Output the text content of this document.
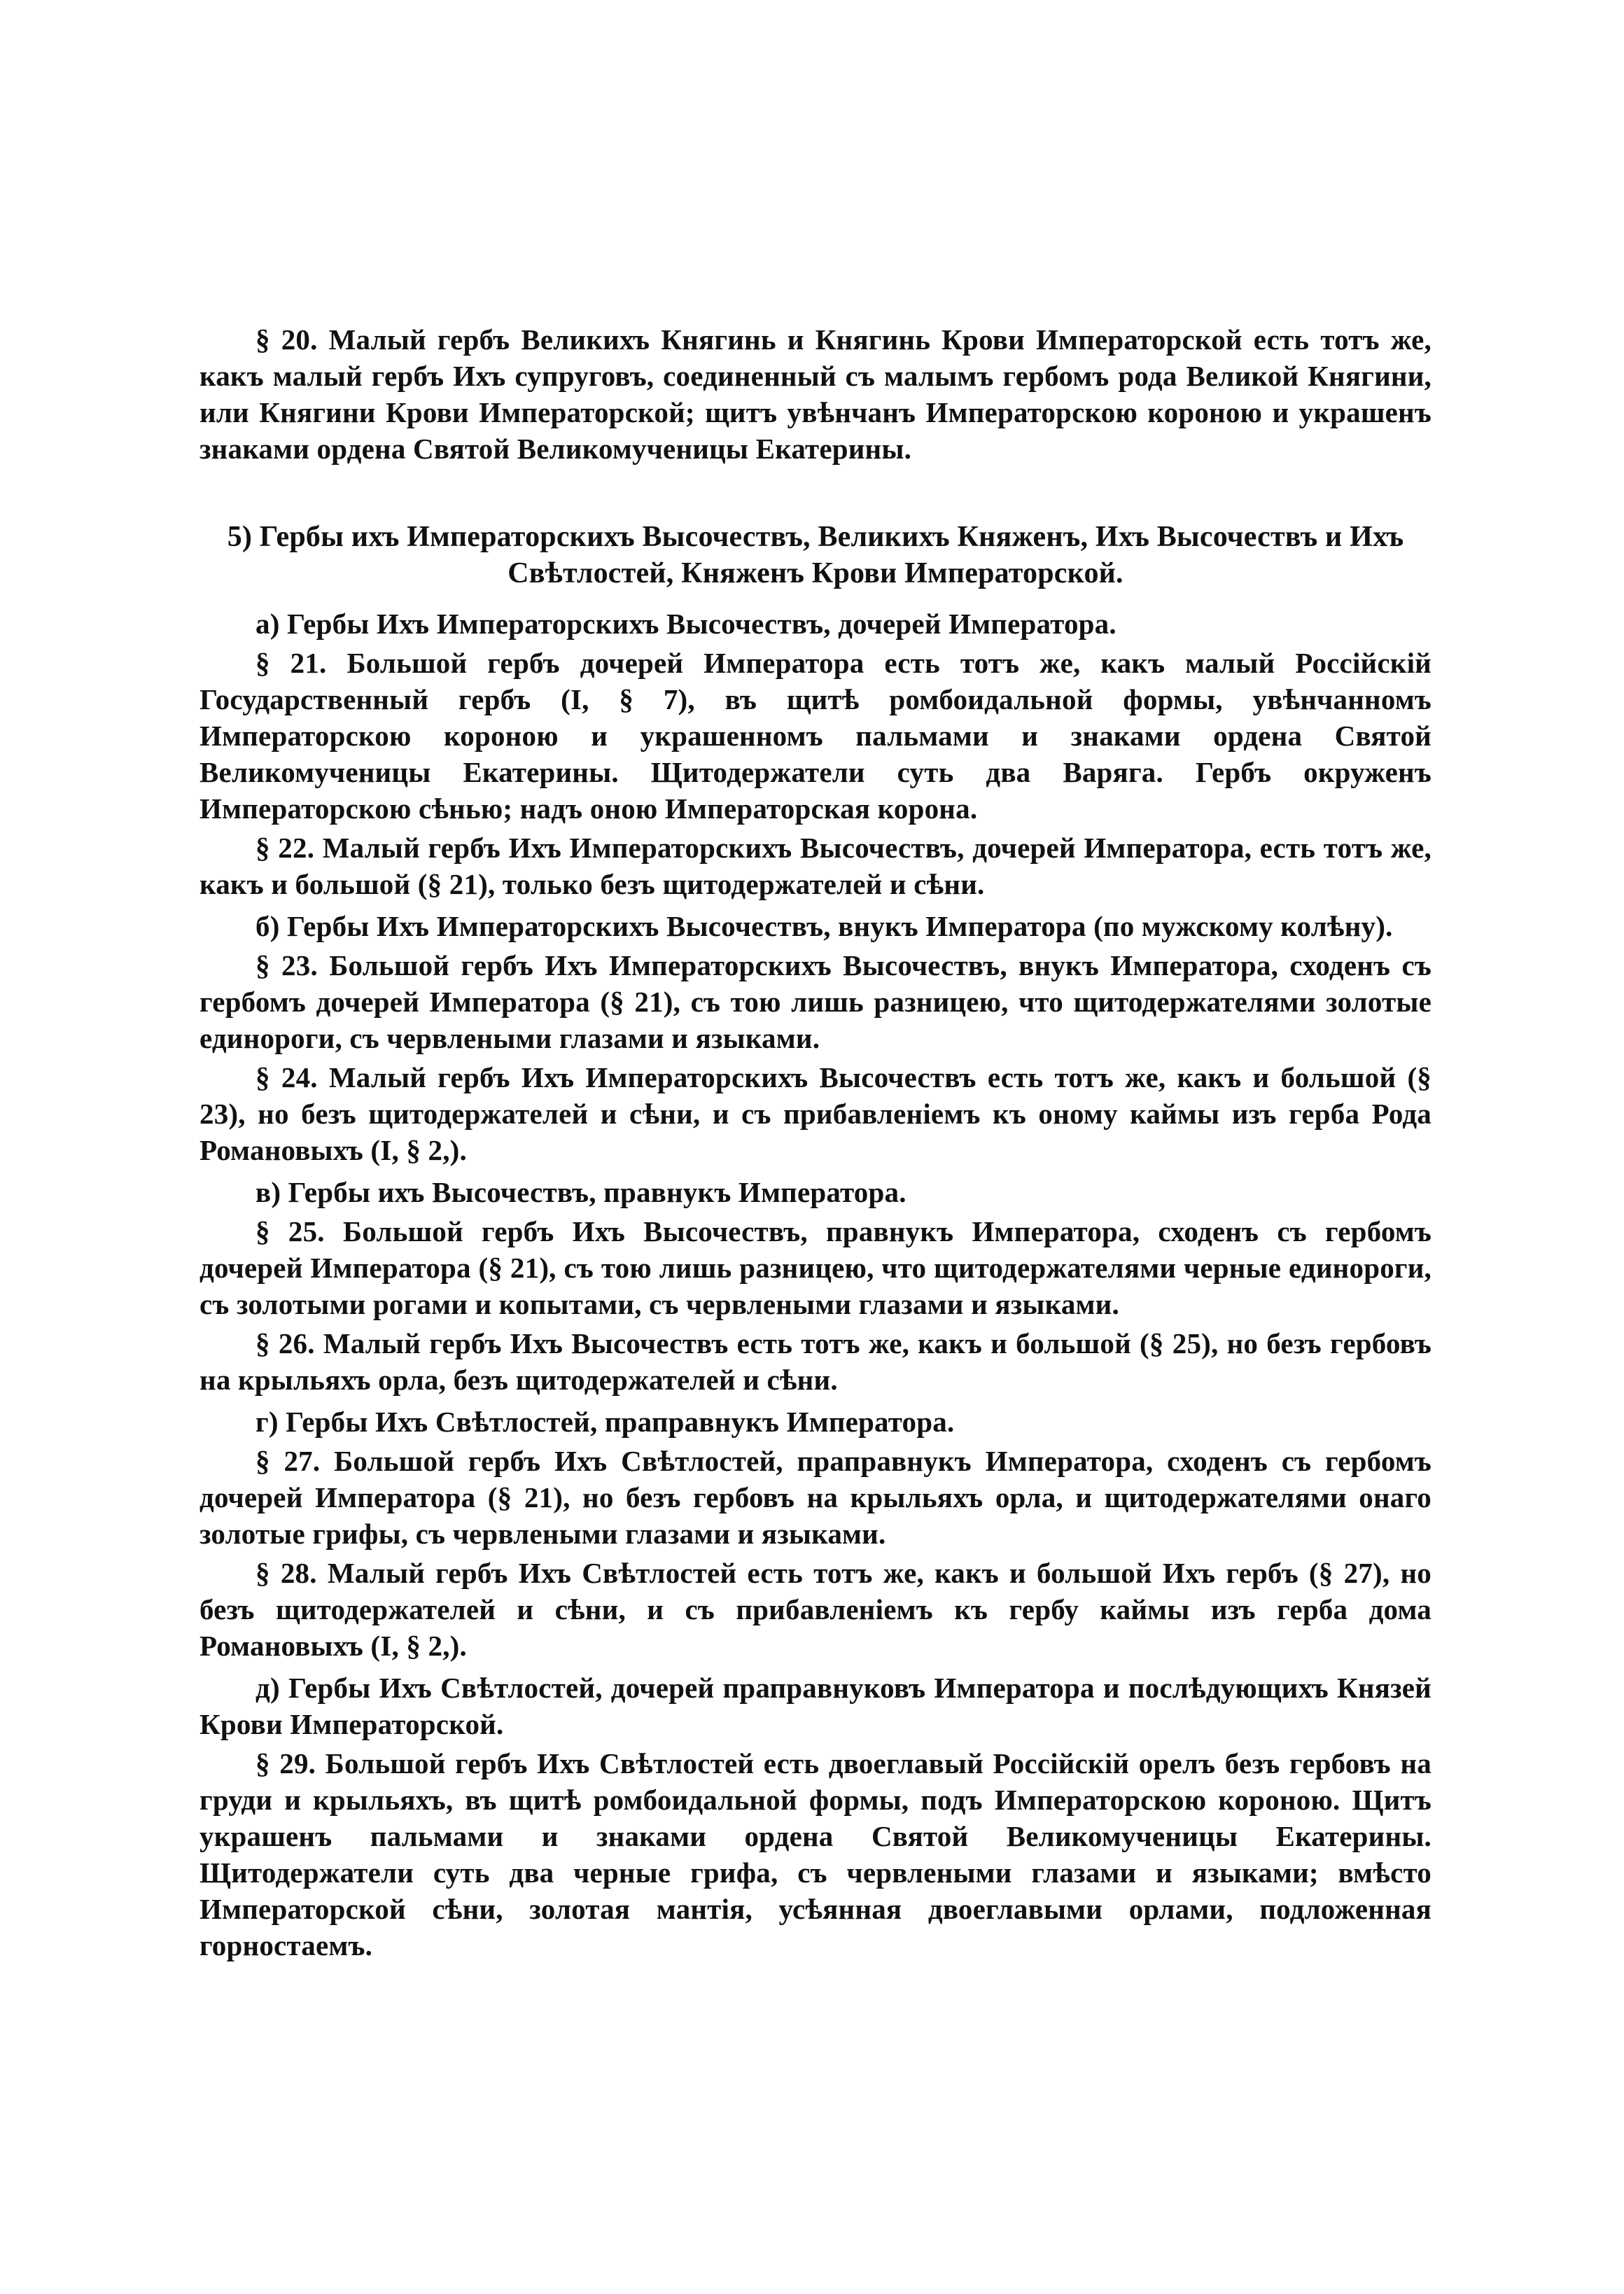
§ 20. Малый гербъ Великихъ Княгинь и Княгинь Крови Императорской есть тотъ же, какъ малый гербъ Ихъ супруговъ, соединенный съ малымъ гербомъ рода Великой Княгини, или Княгини Крови Императорской; щитъ увѣнчанъ Императорскою короною и украшенъ знаками ордена Святой Великомученицы Екатерины.

5) Гербы ихъ Императорскихъ Высочествъ, Великихъ Княженъ, Ихъ Высочествъ и Ихъ Свѣтлостей, Княженъ Крови Императорской.

а) Гербы Ихъ Императорскихъ Высочествъ, дочерей Императора.

§ 21. Большой гербъ дочерей Императора есть тотъ же, какъ малый Россійскій Государственный гербъ (I, § 7), въ щитѣ ромбоидальной формы, увѣнчанномъ Императорскою короною и украшенномъ пальмами и знаками ордена Святой Великомученицы Екатерины. Щитодержатели суть два Варяга. Гербъ окруженъ Императорскою сѣнью; надъ оною Императорская корона.

§ 22. Малый гербъ Ихъ Императорскихъ Высочествъ, дочерей Императора, есть тотъ же, какъ и большой (§ 21), только безъ щитодержателей и сѣни.

б) Гербы Ихъ Императорскихъ Высочествъ, внукъ Императора (по мужскому колѣну).

§ 23. Большой гербъ Ихъ Императорскихъ Высочествъ, внукъ Императора, сходенъ съ гербомъ дочерей Императора (§ 21), съ тою лишь разницею, что щитодержателями золотые единороги, съ червлеными глазами и языками.

§ 24. Малый гербъ Ихъ Императорскихъ Высочествъ есть тотъ же, какъ и большой (§ 23), но безъ щитодержателей и сѣни, и съ прибавленіемъ къ оному каймы изъ герба Рода Романовыхъ (I, § 2,).

в) Гербы ихъ Высочествъ, правнукъ Императора.

§ 25. Большой гербъ Ихъ Высочествъ, правнукъ Императора, сходенъ съ гербомъ дочерей Императора (§ 21), съ тою лишь разницею, что щитодержателями черные единороги, съ золотыми рогами и копытами, съ червлеными глазами и языками.

§ 26. Малый гербъ Ихъ Высочествъ есть тотъ же, какъ и большой (§ 25), но безъ гербовъ на крыльяхъ орла, безъ щитодержателей и сѣни.

г) Гербы Ихъ Свѣтлостей, праправнукъ Императора.

§ 27. Большой гербъ Ихъ Свѣтлостей, праправнукъ Императора, сходенъ съ гербомъ дочерей Императора (§ 21), но безъ гербовъ на крыльяхъ орла, и щитодержателями онаго золотые грифы, съ червлеными глазами и языками.

§ 28. Малый гербъ Ихъ Свѣтлостей есть тотъ же, какъ и большой Ихъ гербъ (§ 27), но безъ щитодержателей и сѣни, и съ прибавленіемъ къ гербу каймы изъ герба дома Романовыхъ (I, § 2,).

д) Гербы Ихъ Свѣтлостей, дочерей праправнуковъ Императора и послѣдующихъ Князей Крови Императорской.

§ 29. Большой гербъ Ихъ Свѣтлостей есть двоеглавый Россійскій орелъ безъ гербовъ на груди и крыльяхъ, въ щитѣ ромбоидальной формы, подъ Императорскою короною. Щитъ украшенъ пальмами и знаками ордена Святой Великомученицы Екатерины. Щитодержатели суть два черные грифа, съ червлеными глазами и языками; вмѣсто Императорской сѣни, золотая мантія, усѣянная двоеглавыми орлами, подложенная горностаемъ.
